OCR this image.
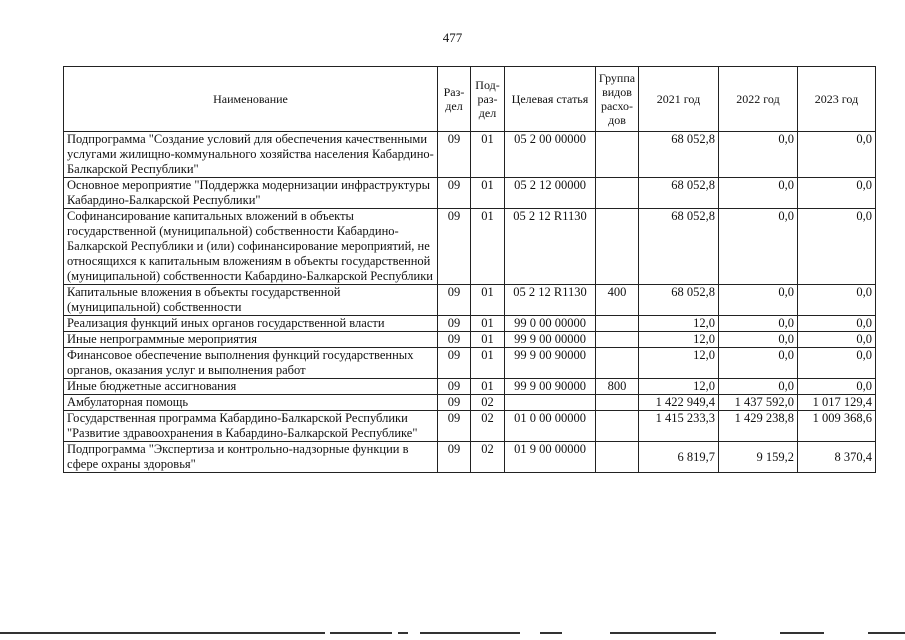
477
Наименование	Раз-дел	Под-раз-дел	Целевая статья	Группа видов расхо-дов	2021 год	2022 год	2023 год
Подпрограмма "Создание условий для обеспечения качественными услугами жилищно-коммунального хозяйства населения Кабардино-Балкарской Республики"	09	01	05 2 00 00000		68 052,8	0,0	0,0
Основное мероприятие "Поддержка модернизации инфраструктуры Кабардино-Балкарской Республики"	09	01	05 2 12 00000		68 052,8	0,0	0,0
Софинансирование капитальных вложений в объекты государственной (муниципальной) собственности Кабардино-Балкарской Республики и (или) софинансирование мероприятий, не относящихся к капитальным вложениям в объекты государственной (муниципальной) собственности Кабардино-Балкарской Республики	09	01	05 2 12 R1130		68 052,8	0,0	0,0
Капитальные вложения в объекты государственной (муниципальной) собственности	09	01	05 2 12 R1130	400	68 052,8	0,0	0,0
Реализация функций иных органов государственной власти	09	01	99 0 00 00000		12,0	0,0	0,0
Иные непрограммные мероприятия	09	01	99 9 00 00000		12,0	0,0	0,0
Финансовое обеспечение выполнения функций государственных органов, оказания услуг и выполнения работ	09	01	99 9 00 90000		12,0	0,0	0,0
Иные бюджетные ассигнования	09	01	99 9 00 90000	800	12,0	0,0	0,0
Амбулаторная помощь	09	02			1 422 949,4	1 437 592,0	1 017 129,4
Государственная программа Кабардино-Балкарской Республики "Развитие здравоохранения в Кабардино-Балкарской Республике"	09	02	01 0 00 00000		1 415 233,3	1 429 238,8	1 009 368,6
Подпрограмма "Экспертиза и контрольно-надзорные функции в сфере охраны здоровья"	09	02	01 9 00 00000		6 819,7	9 159,2	8 370,4
